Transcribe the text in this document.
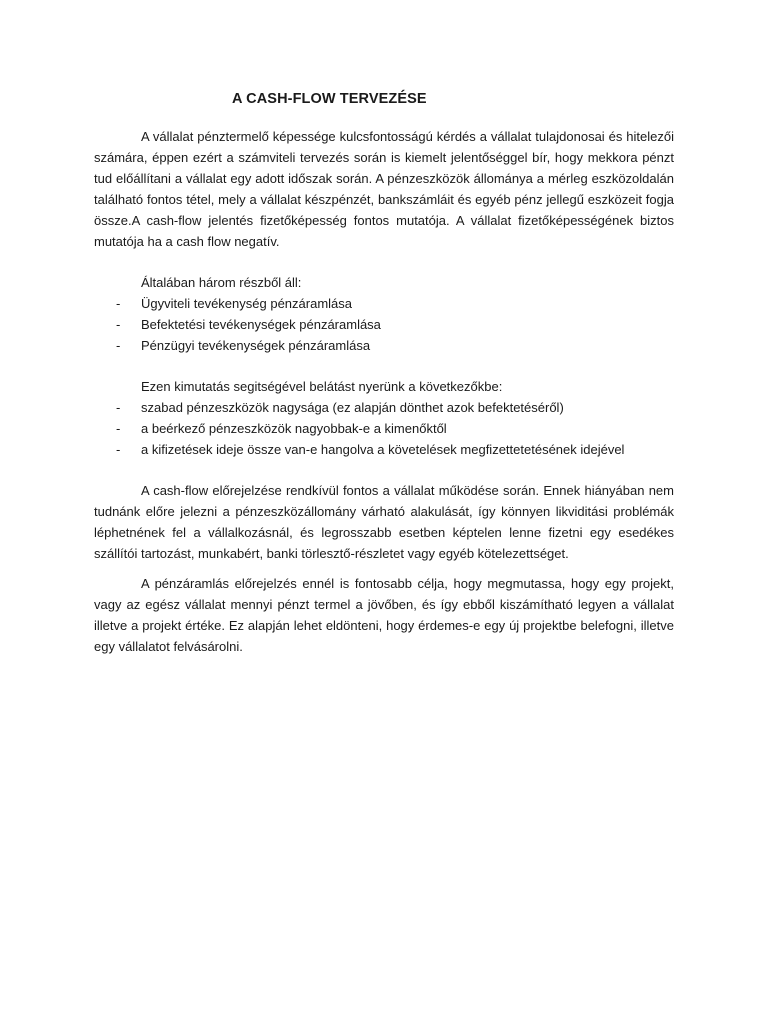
A CASH-FLOW TERVEZÉSE

A vállalat pénztermelő képessége kulcsfontosságú kérdés a vállalat tulajdonosai és hitelezői számára, éppen ezért a számviteli tervezés során is kiemelt jelentőséggel bír, hogy mekkora pénzt tud előállítani a vállalat egy adott időszak során. A pénzeszközök állománya a mérleg eszközoldalán található fontos tétel, mely a vállalat készpénzét, bankszámláit és egyéb pénz jellegű eszközeit fogja össze.A cash-flow jelentés fizetőképesség fontos mutatója. A vállalat fizetőképességének biztos mutatója ha a cash flow negatív.

Általában három részből áll:
- Ügyviteli tevékenység pénzáramlása
- Befektetési tevékenységek pénzáramlása
- Pénzügyi tevékenységek pénzáramlása
Ezen kimutatás segitségével belátást nyerünk a következőkbe:
- szabad pénzeszközök nagysága (ez alapján dönthet azok befektetéséről)
- a beérkező pénzeszközök nagyobbak-e a kimenőktől
- a kifizetések ideje össze van-e hangolva a követelések megfizettetetésének idejével

A cash-flow előrejelzése rendkívül fontos a vállalat működése során. Ennek hiányában nem tudnánk előre jelezni a pénzeszközállomány várható alakulását, így könnyen likviditási problémák léphetnének fel a vállalkozásnál, és legrosszabb esetben képtelen lenne fizetni egy esedékes szállítói tartozást, munkabért, banki törlesztő-részletet vagy egyéb kötelezettséget.

A pénzáramlás előrejelzés ennél is fontosabb célja, hogy megmutassa, hogy egy projekt, vagy az egész vállalat mennyi pénzt termel a jövőben, és így ebből kiszámítható legyen a vállalat illetve a projekt értéke. Ez alapján lehet eldönteni, hogy érdemes-e egy új projektbe belefogni, illetve egy vállalatot felvásárolni.
